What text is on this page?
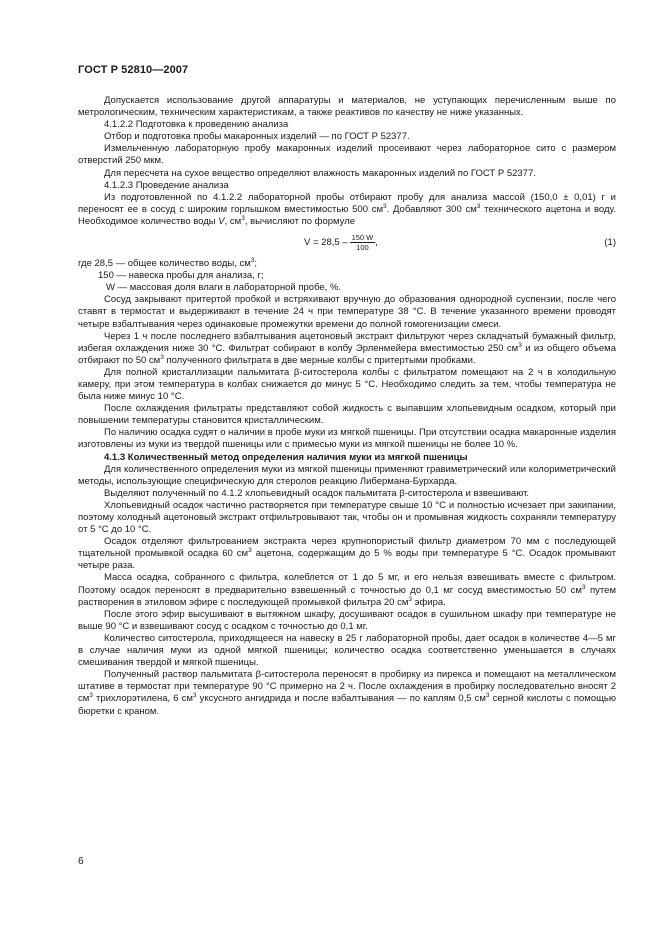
ГОСТ Р 52810—2007

Допускается использование другой аппаратуры и материалов, не уступающих перечисленным выше по метрологическим, техническим характеристикам, а также реактивов по качеству не ниже указанных.

4.1.2.2 Подготовка к проведению анализа

Отбор и подготовка пробы макаронных изделий — по ГОСТ Р 52377.

Измельченную лабораторную пробу макаронных изделий просеивают через лабораторное сито с размером отверстий 250 мкм.

Для пересчета на сухое вещество определяют влажность макаронных изделий по ГОСТ Р 52377.

4.1.2.3 Проведение анализа

Из подготовленной по 4.1.2.2 лабораторной пробы отбирают пробу для анализа массой (150,0 ± 0,01) г и переносят ее в сосуд с широким горлышком вместимостью 500 $см^3$. Добавляют 300 $см^3$ технического ацетона и воду. Необходимое количество воды V, $см^3$, вычисляют по формуле

$V = 28,5 - \frac{150 W}{100}$ ,	(1)

где 28,5 — общее количество воды, $см^3$;

150 — навеска пробы для анализа, г;

W — массовая доля влаги в лабораторной пробе, %.

Сосуд закрывают притертой пробкой и встряхивают вручную до образования однородной суспензии, после чего ставят в термостат и выдерживают в течение 24 ч при температуре 38 °С. В течение указанного времени проводят четыре взбалтывания через одинаковые промежутки времени до полной гомогенизации смеси.

Через 1 ч после последнего взбалтывания ацетоновый экстракт фильтруют через складчатый бумажный фильтр, избегая охлаждения ниже 30 °С. Фильтрат собирают в колбу Эрленмейера вместимостью 250 $см^3$ и из общего объема отбирают по 50 $см^3$ полученного фильтрата в две мерные колбы с притертыми пробками.

Для полной кристаллизации пальмитата β-ситостерола колбы с фильтратом помещают на 2 ч в холодильную камеру, при этом температура в колбах снижается до минус 5 °С. Необходимо следить за тем, чтобы температура не была ниже минус 10 °С.

После охлаждения фильтраты представляют собой жидкость с выпавшим хлопьевидным осадком, который при повышении температуры становится кристаллическим.

По наличию осадка судят о наличии в пробе муки из мягкой пшеницы. При отсутствии осадка макаронные изделия изготовлены из муки из твердой пшеницы или с примесью муки из мягкой пшеницы не более 10 %.

4.1.3 Количественный метод определения наличия муки из мягкой пшеницы

Для количественного определения муки из мягкой пшеницы применяют гравиметрический или колориметрический методы, использующие специфическую для стеролов реакцию Либермана-Бурхарда.

Выделяют полученный по 4.1.2 хлопьевидный осадок пальмитата β-ситостерола и взвешивают.

Хлопьевидный осадок частично растворяется при температуре свыше 10 °С и полностью исчезает при закипании, поэтому холодный ацетоновый экстракт отфильтровывают так, чтобы он и промывная жидкость сохраняли температуру от 5 °С до 10 °С.

Осадок отделяют фильтрованием экстракта через крупнопористый фильтр диаметром 70 мм с последующей тщательной промывкой осадка 60 $см^3$ ацетона, содержащим до 5 % воды при температуре 5 °С. Осадок промывают четыре раза.

Масса осадка, собранного с фильтра, колеблется от 1 до 5 мг, и его нельзя взвешивать вместе с фильтром. Поэтому осадок переносят в предварительно взвешенный с точностью до 0,1 мг сосуд вместимостью 50 $см^3$ путем растворения в этиловом эфире с последующей промывкой фильтра 20 $см^3$ эфира.

После этого эфир высушивают в вытяжном шкафу, досушивают осадок в сушильном шкафу при температуре не выше 90 °С и взвешивают сосуд с осадком с точностью до 0,1 мг.

Количество ситостерола, приходящееся на навеску в 25 г лабораторной пробы, дает осадок в количестве 4—5 мг в случае наличия муки из одной мягкой пшеницы; количество осадка соответственно уменьшается в случаях смешивания твердой и мягкой пшеницы.

Полученный раствор пальмитата β-ситостерола переносят в пробирку из пирекса и помещают на металлическом штативе в термостат при температуре 90 °С примерно на 2 ч. После охлаждения в пробирку последовательно вносят 2 $см^3$ трихлорэтилена, 6 $см^3$ уксусного ангидрида и после взбалтывания — по каплям 0,5 $см^3$ серной кислоты с помощью бюретки с краном.

6
